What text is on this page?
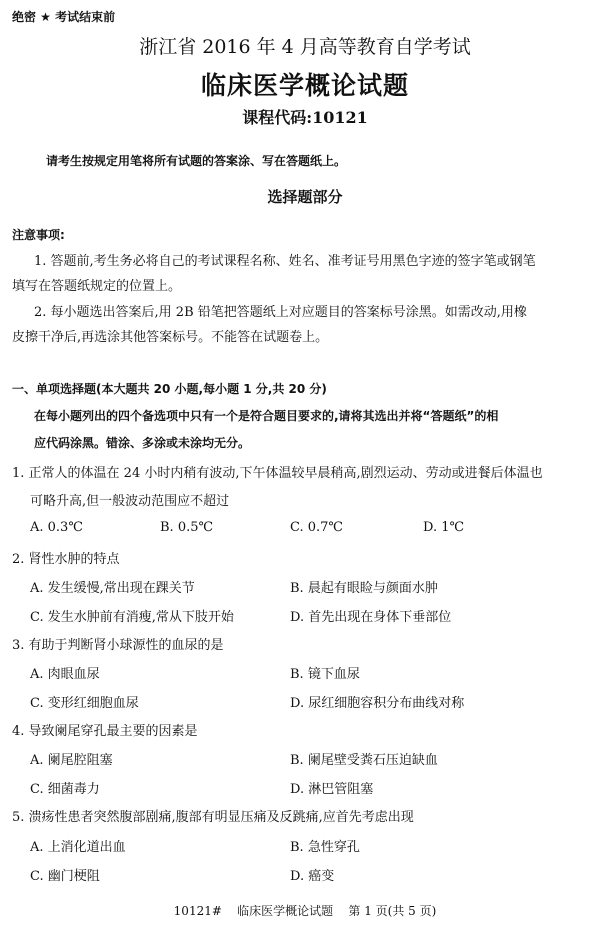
绝密 ★ 考试结束前
浙江省 2016 年 4 月高等教育自学考试
临床医学概论试题
课程代码:10121
请考生按规定用笔将所有试题的答案涂、写在答题纸上。
选择题部分
注意事项:
1. 答题前,考生务必将自己的考试课程名称、姓名、准考证号用黑色字迹的签字笔或钢笔
填写在答题纸规定的位置上。
2. 每小题选出答案后,用 2B 铅笔把答题纸上对应题目的答案标号涂黑。如需改动,用橡
皮擦干净后,再选涂其他答案标号。不能答在试题卷上。
一、单项选择题(本大题共 20 小题,每小题 1 分,共 20 分)
在每小题列出的四个备选项中只有一个是符合题目要求的,请将其选出并将“答题纸”的相
应代码涂黑。错涂、多涂或未涂均无分。
1. 正常人的体温在 24 小时内稍有波动,下午体温较早晨稍高,剧烈运动、劳动或进餐后体温也
可略升高,但一般波动范围应不超过
A. 0.3℃	B. 0.5℃	C. 0.7℃	D. 1℃
2. 肾性水肿的特点
A. 发生缓慢,常出现在踝关节	B. 晨起有眼睑与颜面水肿
C. 发生水肿前有消瘦,常从下肢开始	D. 首先出现在身体下垂部位
3. 有助于判断肾小球源性的血尿的是
A. 肉眼血尿	B. 镜下血尿
C. 变形红细胞血尿	D. 尿红细胞容积分布曲线对称
4. 导致阑尾穿孔最主要的因素是
A. 阑尾腔阻塞	B. 阑尾壁受粪石压迫缺血
C. 细菌毒力	D. 淋巴管阻塞
5. 溃疡性患者突然腹部剧痛,腹部有明显压痛及反跳痛,应首先考虑出现
A. 上消化道出血	B. 急性穿孔
C. 幽门梗阻	D. 癌变
10121#    临床医学概论试题    第 1 页(共 5 页)
